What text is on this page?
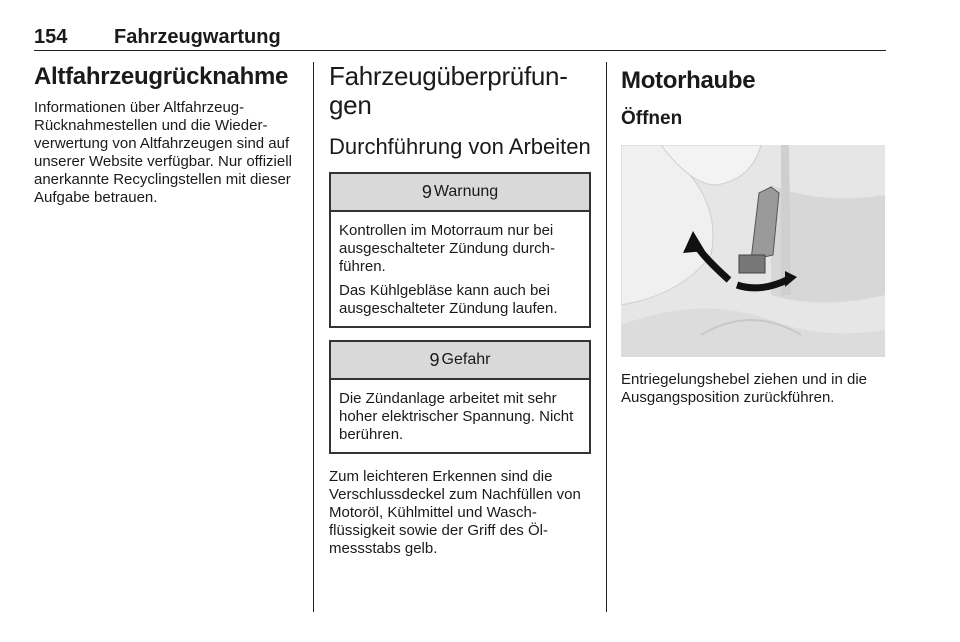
154 Fahrzeugwartung
Altfahrzeugrücknahme

Informationen über Altfahrzeug-Rücknahmestellen und die Wieder-verwertung von Altfahrzeugen sind auf unserer Website verfügbar. Nur offiziell anerkannte Recyclingstellen mit dieser Aufgabe betrauen.

Fahrzeugüberprüfun-gen
Durchführung von Arbeiten
9 Warnung

Kontrollen im Motorraum nur bei ausgeschalteter Zündung durch-führen.

Das Kühlgebläse kann auch bei ausgeschalteter Zündung laufen.

9 Gefahr

Die Zündanlage arbeitet mit sehr hoher elektrischer Spannung. Nicht berühren.

Zum leichteren Erkennen sind die Verschlussdeckel zum Nachfüllen von Motoröl, Kühlmittel und Wasch-flüssigkeit sowie der Griff des Öl-messstabs gelb.

Motorhaube
Öffnen

Entriegelungshebel ziehen und in die Ausgangsposition zurückführen.
